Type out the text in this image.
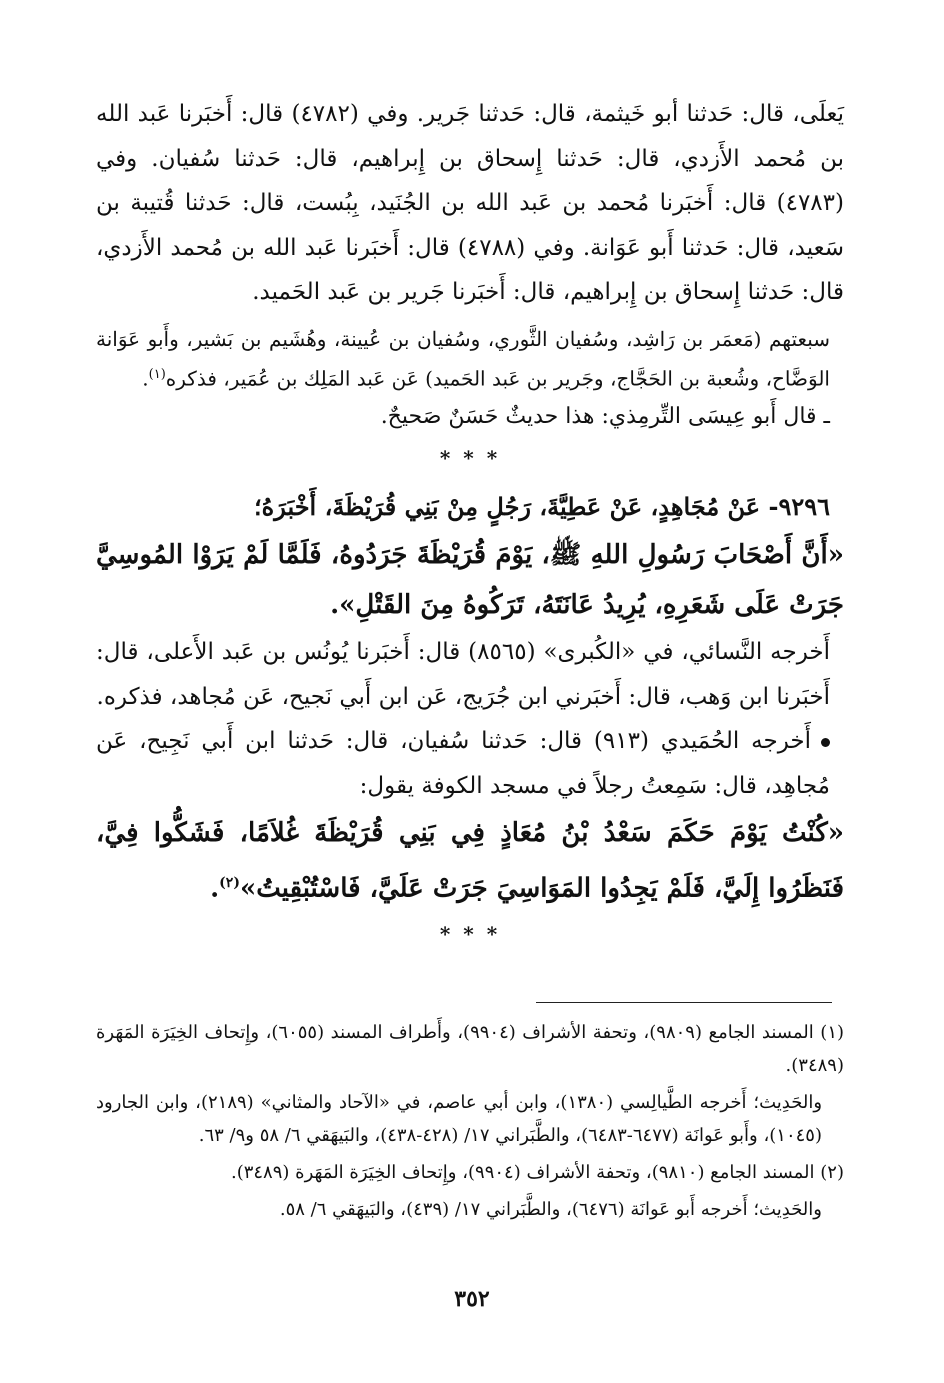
يَعلَى، قال: حَدثنا أبو خَيثمة، قال: حَدثنا جَرير. وفي (٤٧٨٢) قال: أَخبَرنا عَبد الله بن مُحمد الأَزدي، قال: حَدثنا إِسحاق بن إِبراهيم، قال: حَدثنا سُفيان. وفي (٤٧٨٣) قال: أَخبَرنا مُحمد بن عَبد الله بن الجُنَيد، بِبُست، قال: حَدثنا قُتيبة بن سَعيد، قال: حَدثنا أَبو عَوَانة. وفي (٤٧٨٨) قال: أَخبَرنا عَبد الله بن مُحمد الأَزدي، قال: حَدثنا إِسحاق بن إِبراهيم، قال: أَخبَرنا جَرير بن عَبد الحَميد.

سبعتهم (مَعمَر بن رَاشِد، وسُفيان الثَّوري، وسُفيان بن عُيينة، وهُشَيم بن بَشير، وأَبو عَوَانة الوَضَّاح، وشُعبة بن الحَجَّاج، وجَرير بن عَبد الحَميد) عَن عَبد المَلِك بن عُمَير، فذكره$^{(١)}$.

ـ قال أَبو عِيسَى التِّرمِذي: هذا حديثٌ حَسَنٌ صَحيحٌ.

* * *

٩٢٩٦- عَنْ مُجَاهِدٍ، عَنْ عَطِيَّةَ، رَجُلٍ مِنْ بَنِي قُرَيْظَةَ، أَخْبَرَهُ؛

«أَنَّ أَصْحَابَ رَسُولِ اللهِ ﷺ، يَوْمَ قُرَيْظَةَ جَرَدُوهُ، فَلَمَّا لَمْ يَرَوْا المُوسِيَّ جَرَتْ عَلَى شَعَرِهِ، يُرِيدُ عَانَتَهُ، تَرَكُوهُ مِنَ القَتْلِ».

أَخرجه النَّسائي، في «الكُبرى» (٨٥٦٥) قال: أَخبَرنا يُونُس بن عَبد الأَعلى، قال: أَخبَرنا ابن وَهب، قال: أَخبَرني ابن جُرَيج، عَن ابن أَبي نَجيح، عَن مُجاهد، فذكره.

أَخرجه الحُمَيدي (٩١٣) قال: حَدثنا سُفيان، قال: حَدثنا ابن أَبي نَجِيح، عَن مُجاهِد، قال: سَمِعتُ رجلاً في مسجد الكوفة يقول:

«كُنْتُ يَوْمَ حَكَمَ سَعْدُ بْنُ مُعَاذٍ فِي بَنِي قُرَيْظَةَ غُلاَمًا، فَشَكُّوا فِيَّ، فَنَظَرُوا إِلَيَّ، فَلَمْ يَجِدُوا المَوَاسِيَ جَرَتْ عَلَيَّ، فَاسْتُبْقِيتُ»$^{(٢)}$.

* * *

(١) المسند الجامع (٩٨٠٩)، وتحفة الأشراف (٩٩٠٤)، وأَطراف المسند (٦٠٥٥)، وإِتحاف الخِيَرَة المَهَرة (٣٤٨٩).

والحَدِيث؛ أَخرجه الطَّيالِسي (١٣٨٠)، وابن أبي عاصم، في «الآحاد والمثاني» (٢١٨٩)، وابن الجارود (١٠٤٥)، وأَبو عَوانَة (٦٤٧٧-٦٤٨٣)، والطَّبَراني ١٧/ (٤٢٨-٤٣٨)، والبَيهَقي ٦/ ٥٨ و٩/ ٦٣.

(٢) المسند الجامع (٩٨١٠)، وتحفة الأشراف (٩٩٠٤)، وإِتحاف الخِيَرَة المَهَرة (٣٤٨٩).

والحَدِيث؛ أَخرجه أَبو عَوانَة (٦٤٧٦)، والطَّبَراني ١٧/ (٤٣٩)، والبَيهَقي ٦/ ٥٨.

٣٥٢
